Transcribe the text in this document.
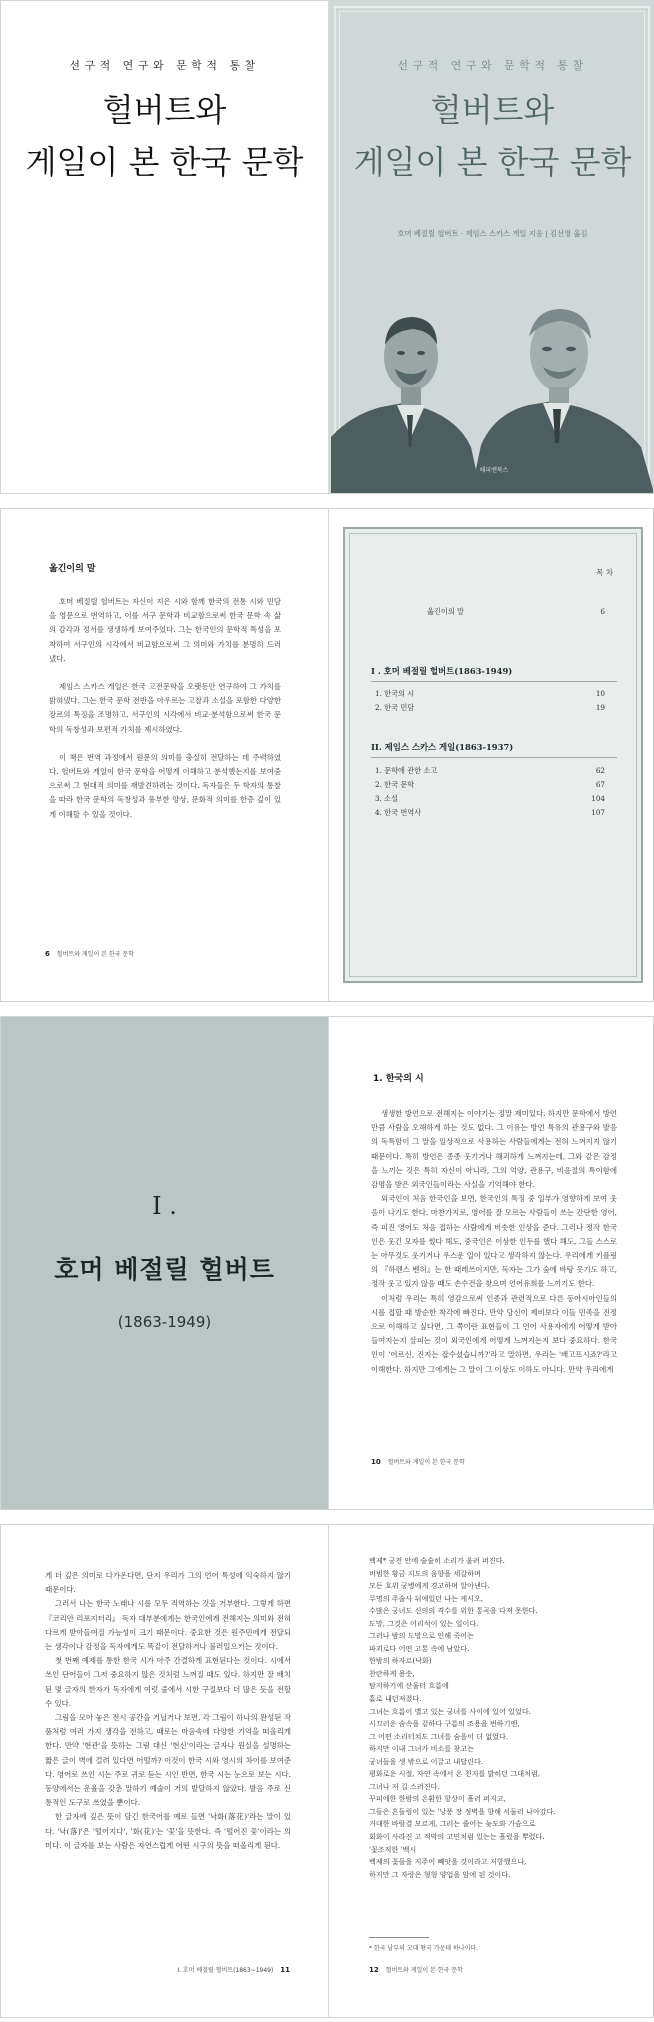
선구적 연구와 문학적 통찰
헐버트와
게일이 본 한국 문학
선구적 연구와 문학적 통찰
헐버트와
게일이 본 한국 문학
호머 베절릴 헐버트 · 제임스 스카스 게일 지음 | 김선영 옮김
해피엔북스
옮긴이의 말

호머 베절릴 헐버트는 자신이 지은 시와 함께 한국의 전통 시와 민담을 영문으로 번역하고, 이를 서구 문학과 비교함으로써 한국 문학 속 삶의 감각과 정서를 생생하게 보여주었다. 그는 한국인의 문학적 특성을 포착하여 서구인의 시각에서 비교함으로써 그 의미와 가치를 분명히 드러냈다.

제임스 스카스 게일은 한국 고전문학을 오랫동안 연구하여 그 가치를 밝혀냈다. 그는 한국 문학 전반을 아우르는 고찰과 소설을 포함한 다양한 장르의 특징을 조명하고, 서구인의 시각에서 비교·분석함으로써 한국 문학의 독창성과 보편적 가치를 제시하였다.

이 책은 번역 과정에서 원문의 의미를 충실히 전달하는 데 주력하였다. 헐버트와 게일이 한국 문학을 어떻게 이해하고 분석했는지를 보여줌으로써 그 현대적 의미를 재발견하려는 것이다. 독자들은 두 학자의 통찰을 따라 한국 문학의 독창성과 풍부한 양상, 문화적 의미를 한층 깊이 있게 이해할 수 있을 것이다.

6 헐버트와 게일이 본 한국 문학
목 차
옮긴이의 말	6
I . 호머 베절릴 헐버트(1863-1949)
1. 한국의 시	10
2. 한국 민담	19
II. 제임스 스카스 게일(1863-1937)
1. 문학에 관한 소고	62
2. 한국 문학	67
3. 소설	104
4. 한국 번역사	107
I .
호머 베절릴 헐버트
(1863-1949)
1. 한국의 시

생생한 방언으로 전해지는 이야기는 정말 재미있다. 하지만 문학에서 방언만큼 사람을 오해하게 하는 것도 없다. 그 이유는 방언 특유의 관용구와 발음의 독특함이 그 말을 일상적으로 사용하는 사람들에게는 전혀 느껴지지 않기 때문이다. 특히 방언은 종종 웃기거나 해괴하게 느껴지는데, 그와 같은 감정을 느끼는 것은 특히 자신이 아니라, 그의 억양, 관용구, 비음절의 특이함에 감명을 받은 외국인들이라는 사실을 기억해야 한다.

외국인이 처음 한국인을 보면, 한국인의 특징 중 일부가 영향하게 보여 웃음이 나기도 한다. 마찬가지로, 영어를 잘 모르는 사람들이 쓰는 간단한 영어, 즉 피진 영어도 처음 접하는 사람에게 비슷한 인상을 준다. 그러나 정작 한국인은 웃긴 모자를 썼다 해도, 중국인은 이상한 인두를 했다 해도, 그들 스스로는 아무것도 웃기거나 우스운 일이 있다고 생각하지 않는다. 우리에게 키플링의 『하렌스 벤허』는 한 때레쓰이지만, 독자는 그가 숲에 바탕 옷기도 하고, 정작 웃고 있지 않음 때도 손수건을 찾으며 언어유희를 느끼기도 한다.

이처럼 우리는 특히 영감으로써 인종과 관련적으로 다른 동아시아인들의 시를 접할 때 방순한 착각에 빠진다. 만약 당신이 제비보다 이들 민족을 진정으로 이해하고 싶다면, 그 쪽이란 표현들이 그 언어 사용자에게 어떻게 받아들여지는지 살피는 것이 외국인에게 어떻게 느껴지는지 보다 중요하다. 한국인이 '어르신, 진지는 잡수셨습니까?'라고 말하면, 우리는 '배고프시죠?'라고 이해한다. 하지만 그에게는 그 말이 그 이상도 이하도 아니다. 만약 우리에게

10 헐버트와 게일이 본 한국 문학

게 더 깊은 의미로 다가온다면, 단지 우리가 그의 언어 특성에 익숙하지 않기 때문이다.

그러서 나는 한국 노래나 시를 모두 직역하는 것을 거부한다. 그렇게 하면 『코리안 리포지터리』 독자 대부분에게는 한국인에게 전해지는 의미와 전혀 다르게 받아들여질 가능성이 크기 때문이다. 중요한 것은 원주민에게 전달되는 생각이나 감정을 독자에게도 똑같이 전달하거나 불러일으키는 것이다.

첫 번째 예제를 통한 한국 시가 아주 간결하게 표현된다는 것이다. 시에서 쓰인 단어들이 그저 중요하지 않은 것처럼 느껴질 때도 있다. 하지만 잘 배치된 몇 글자의 한자가 독자에게 여럿 줄에서 시한 구절보다 더 많은 듯을 전할 수 있다.

그림을 모아 놓은 전시 공간을 거닐거나 보면, 각 그림이 하나의 완성된 작품처럼 여러 가지 생각을 전하고, 때로는 마음속에 다양한 기억을 떠올리게 한다. 만약 '현관'을 뜻하는 그림 대신 '현신'이라는 글자나 원실을 설명하는 짧은 글이 벽에 걸려 있다면 어떨까? 이것이 한국 시와 영시의 차이를 보여준다. 영어로 쓰인 시는 주로 귀로 듣는 시인 반면, 한국 시는 눈으로 보는 시다. 동양에서는 운율을 갖춘 말하기 예술이 거의 발달하지 않았다. 발음 주로 신통적인 도구로 쓰였을 뿐이다.

한 글자에 깊은 뜻이 담긴 한국어를 예로 들면 '낙화(落花)'라는 말이 있다. '낙(落)'은 '떨어지다', '화(花)'는 '꽃'을 뜻한다. 즉 '떨어진 꽃'이라는 의미다. 이 글자를 보는 사람은 자연스럽게 어떤 시구의 뜻을 떠올리게 된다.

I. 호머 베절릴 헐버트(1863~1949) 11
백제* 궁전 안에 술술히 소리가 울려 퍼진다.
비범한 황금 지도의 음향을 세갈하며
모든 호위 궁병에게 경고하며 알아낸다.
무명의 주술사 뒤에있던 나는 게시오,
수많은 궁녀도 신의의 격수를 위한 통곡을 다져 못한다.
도망, 그것은 어리석이 있는 일이다.
그러나 밤의 도망으로 인해 죽어는
파괴로다 어떤 고통 속에 남았다.
한밤의 하자르(낙화)
찬란하게 용솟,
탐지하기에 산울터 흐름에
흩로 내던져졌다.
그녀는 흐름이 별고 있는 궁녀를 사이에 있어 있었다.
시끄러운 숨속을 겉하다 구름의 조용을 번하기엔,
그 어떤 소리터치도 그녀를 숨을이 더 없었다.
하지만 이내 그녀가 비소를 찾고는
궁녀들을 생 밖으로 이끌고 내달린다.
평화로운 시절, 자연 속에서 온 천지를 밝히던 그대처럼,
그녀나 저 길 스러진다.
꾸피에한 한밤의 온환한 항상이 흘러 퍼지고,
그들은 흔들림이 있는 '낭풍 장 정벽을 향해 서둘러 나아갔다.
거대한 바람결 모르게, 그러는 줄어는 늦도와 가슴으로
회화이 사라진 고 적막의 고민처럼 있는는 흘렀을 뿌렸다.
'꽃조적한 '백시
백제의 꽃들을 지주어 빼앗을 것이라고 저항했으나,
하지만 그 자랑은 형형 양업을 암에 된 것이다.
* 한국 남부의 고대 왕국 가운데 하나이다.
12 헐버트와 게일이 본 한국 문학
